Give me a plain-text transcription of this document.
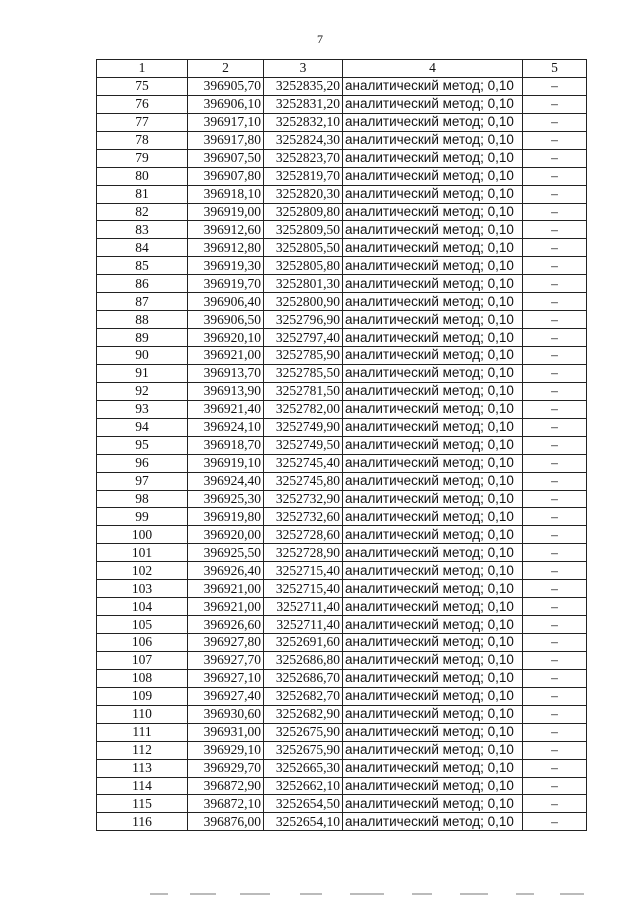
7
1	2	3	4	5
75	396905,70	3252835,20	аналитический метод; 0,10	–
76	396906,10	3252831,20	аналитический метод; 0,10	–
77	396917,10	3252832,10	аналитический метод; 0,10	–
78	396917,80	3252824,30	аналитический метод; 0,10	–
79	396907,50	3252823,70	аналитический метод; 0,10	–
80	396907,80	3252819,70	аналитический метод; 0,10	–
81	396918,10	3252820,30	аналитический метод; 0,10	–
82	396919,00	3252809,80	аналитический метод; 0,10	–
83	396912,60	3252809,50	аналитический метод; 0,10	–
84	396912,80	3252805,50	аналитический метод; 0,10	–
85	396919,30	3252805,80	аналитический метод; 0,10	–
86	396919,70	3252801,30	аналитический метод; 0,10	–
87	396906,40	3252800,90	аналитический метод; 0,10	–
88	396906,50	3252796,90	аналитический метод; 0,10	–
89	396920,10	3252797,40	аналитический метод; 0,10	–
90	396921,00	3252785,90	аналитический метод; 0,10	–
91	396913,70	3252785,50	аналитический метод; 0,10	–
92	396913,90	3252781,50	аналитический метод; 0,10	–
93	396921,40	3252782,00	аналитический метод; 0,10	–
94	396924,10	3252749,90	аналитический метод; 0,10	–
95	396918,70	3252749,50	аналитический метод; 0,10	–
96	396919,10	3252745,40	аналитический метод; 0,10	–
97	396924,40	3252745,80	аналитический метод; 0,10	–
98	396925,30	3252732,90	аналитический метод; 0,10	–
99	396919,80	3252732,60	аналитический метод; 0,10	–
100	396920,00	3252728,60	аналитический метод; 0,10	–
101	396925,50	3252728,90	аналитический метод; 0,10	–
102	396926,40	3252715,40	аналитический метод; 0,10	–
103	396921,00	3252715,40	аналитический метод; 0,10	–
104	396921,00	3252711,40	аналитический метод; 0,10	–
105	396926,60	3252711,40	аналитический метод; 0,10	–
106	396927,80	3252691,60	аналитический метод; 0,10	–
107	396927,70	3252686,80	аналитический метод; 0,10	–
108	396927,10	3252686,70	аналитический метод; 0,10	–
109	396927,40	3252682,70	аналитический метод; 0,10	–
110	396930,60	3252682,90	аналитический метод; 0,10	–
111	396931,00	3252675,90	аналитический метод; 0,10	–
112	396929,10	3252675,90	аналитический метод; 0,10	–
113	396929,70	3252665,30	аналитический метод; 0,10	–
114	396872,90	3252662,10	аналитический метод; 0,10	–
115	396872,10	3252654,50	аналитический метод; 0,10	–
116	396876,00	3252654,10	аналитический метод; 0,10	–
